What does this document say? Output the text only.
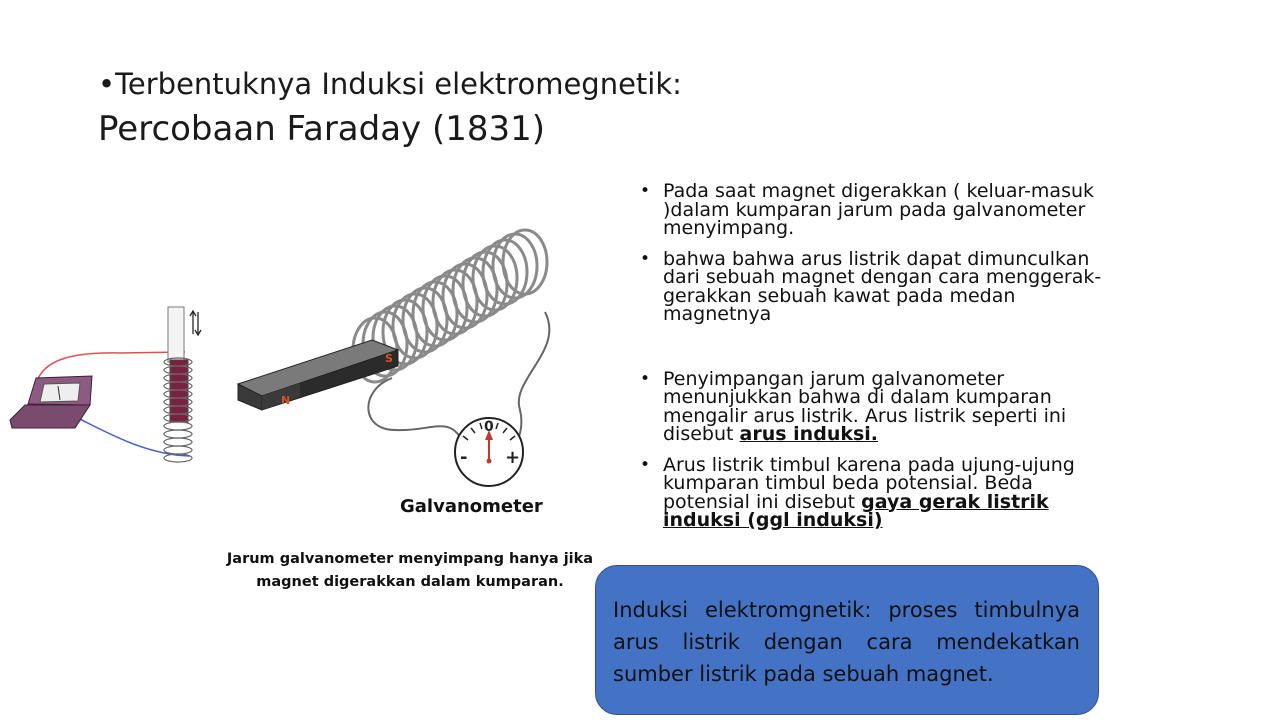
•Terbentuknya Induksi elektromegnetik:
Percobaan Faraday (1831)
N
S
0
- +
Galvanometer
Jarum galvanometer menyimpang hanya jika magnet digerakkan dalam kumparan.
• Pada saat magnet digerakkan ( keluar-masuk )dalam kumparan jarum pada galvanometer menyimpang.
• bahwa bahwa arus listrik dapat dimunculkan dari sebuah magnet dengan cara menggerak-gerakkan sebuah kawat pada medan magnetnya
• Penyimpangan jarum galvanometer menunjukkan bahwa di dalam kumparan mengalir arus listrik. Arus listrik seperti ini disebut arus induksi.
• Arus listrik timbul karena pada ujung-ujung kumparan timbul beda potensial. Beda potensial ini disebut gaya gerak listrik induksi (ggl induksi)
Induksi elektromgnetik: proses timbulnya arus listrik dengan cara mendekatkan sumber listrik pada sebuah magnet.
